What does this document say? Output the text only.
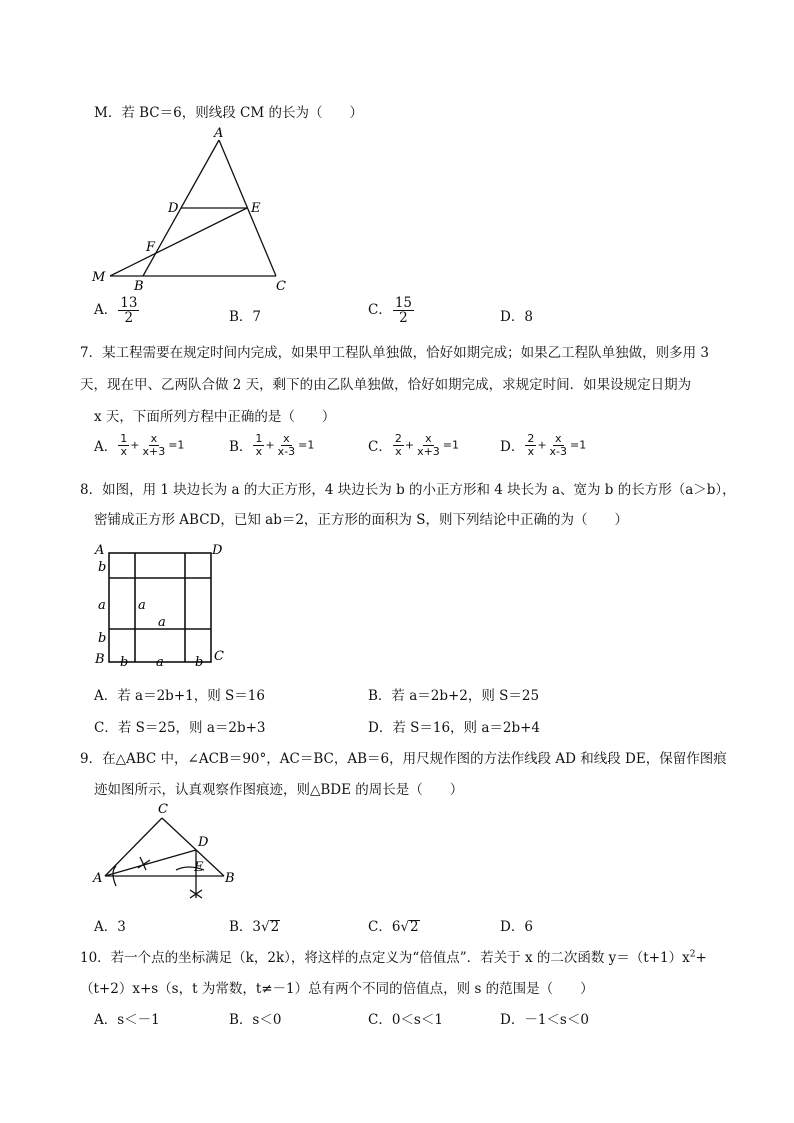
M．若 BC＝6，则线段 CM 的长为（　　）
A
D	E
F
M
B	C
A． $\frac{13}{2}$	B．7	C． $\frac{15}{2}$	D．8
7．某工程需要在规定时间内完成，如果甲工程队单独做，恰好如期完成；如果乙工程队单独做，则多用 3
天，现在甲、乙两队合做 2 天，剩下的由乙队单独做，恰好如期完成，求规定时间．如果设规定日期为
x 天，下面所列方程中正确的是（　　）
A． $\frac{1}{x} + \frac{x}{x+3} =1$	B． $\frac{1}{x} + \frac{x}{x-3} =1$	C． $\frac{2}{x} + \frac{x}{x+3} =1$	D． $\frac{2}{x} + \frac{x}{x-3} =1$
8．如图，用 1 块边长为 a 的大正方形，4 块边长为 b 的小正方形和 4 块长为 a、宽为 b 的长方形（a＞b），
密铺成正方形 ABCD，已知 ab＝2，正方形的面积为 S，则下列结论中正确的为（　　）
A	D
B	C
b
a
b
a
a
b a b
A．若 a＝2b+1，则 S＝16	B．若 a＝2b+2，则 S＝25
C．若 S＝25，则 a＝2b+3	D．若 S＝16，则 a＝2b+4
9．在△ABC 中，∠ACB＝90°，AC＝BC，AB＝6，用尺规作图的方法作线段 AD 和线段 DE，保留作图痕
迹如图所示，认真观察作图痕迹，则△BDE 的周长是（　　）
A	B
C
D
E
A．3	B．3√2	C．6√2	D．6
10．若一个点的坐标满足（k，2k），将这样的点定义为“倍值点”．若关于 x 的二次函数 $y=(t+1)x^2+$
（t+2）x+s（s，t 为常数，t≠－1）总有两个不同的倍值点，则 s 的范围是（　　）
A．s＜－1	B．s＜0	C．0＜s＜1	D．－1＜s＜0
